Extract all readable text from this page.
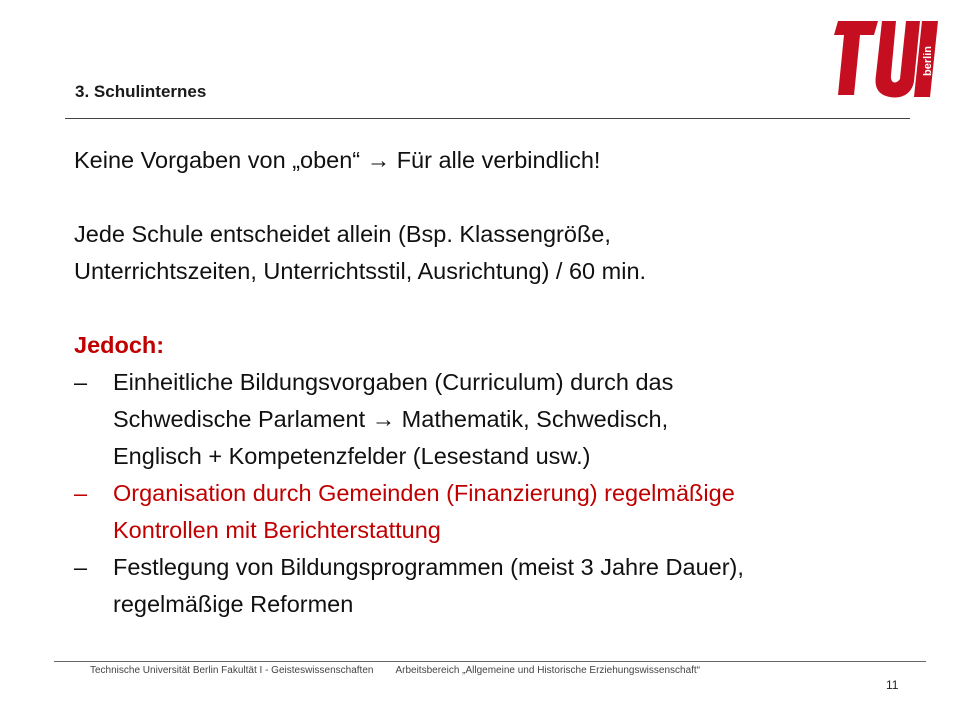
3. Schulinternes
berlin
Keine Vorgaben von „oben“ → Für alle verbindlich!
Jede Schule entscheidet allein (Bsp. Klassengröße,
Unterrichtszeiten, Unterrichtsstil, Ausrichtung) / 60 min.
Jedoch:
–	Einheitliche Bildungsvorgaben (Curriculum) durch das
Schwedische Parlament → Mathematik, Schwedisch,
Englisch + Kompetenzfelder (Lesestand usw.)
–	Organisation durch Gemeinden (Finanzierung) regelmäßige
Kontrollen mit Berichterstattung
–	Festlegung von Bildungsprogrammen (meist 3 Jahre Dauer),
regelmäßige Reformen
Technische Universität Berlin Fakultät I - Geisteswissenschaften Arbeitsbereich „Allgemeine und Historische Erziehungswissenschaft“
11
